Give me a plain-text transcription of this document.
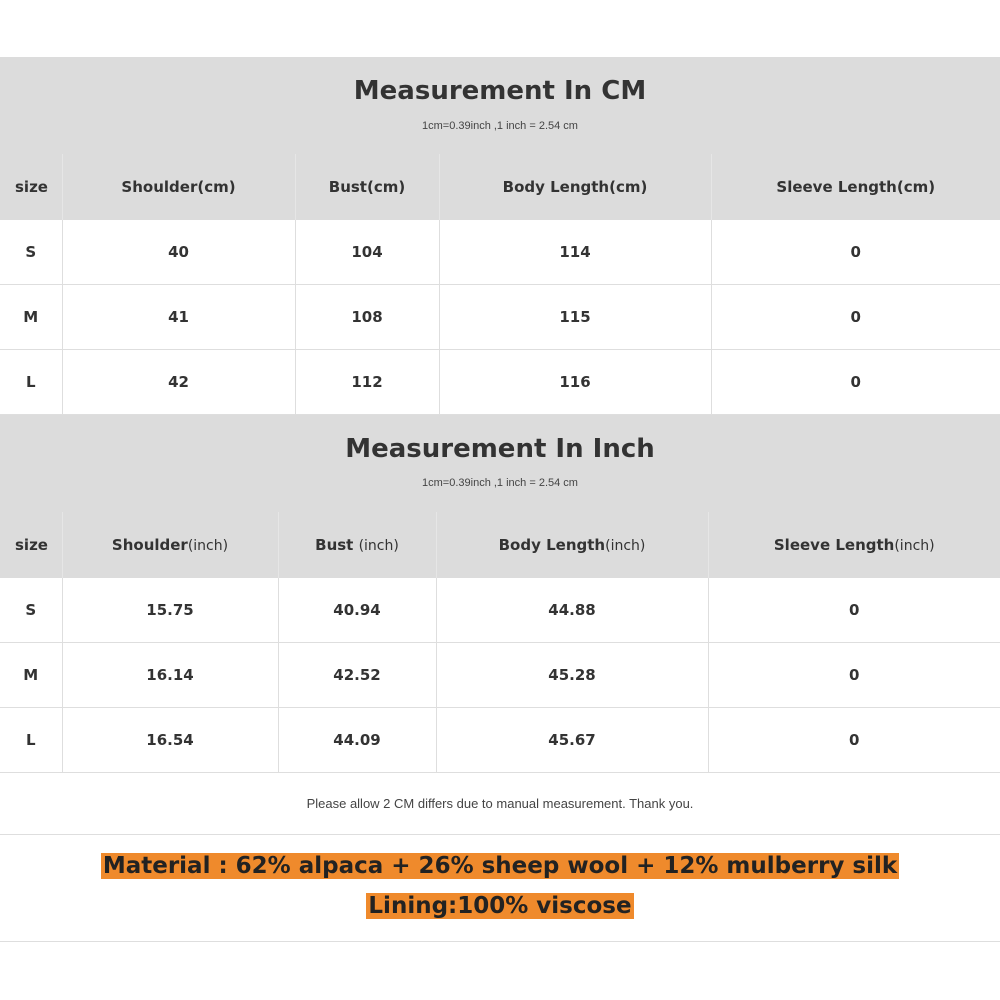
Measurement In CM
1cm=0.39inch ,1 inch = 2.54 cm
size	Shoulder(cm)	Bust(cm)	Body Length(cm)	Sleeve Length(cm)
S	40	104	114	0
M	41	108	115	0
L	42	112	116	0
Measurement In Inch
1cm=0.39inch ,1 inch = 2.54 cm
size	Shoulder(inch)	Bust (inch)	Body Length(inch)	Sleeve Length(inch)
S	15.75	40.94	44.88	0
M	16.14	42.52	45.28	0
L	16.54	44.09	45.67	0
Please allow 2 CM differs due to manual measurement. Thank you.
Material : 62% alpaca + 26% sheep wool + 12% mulberry silk
Lining:100% viscose
